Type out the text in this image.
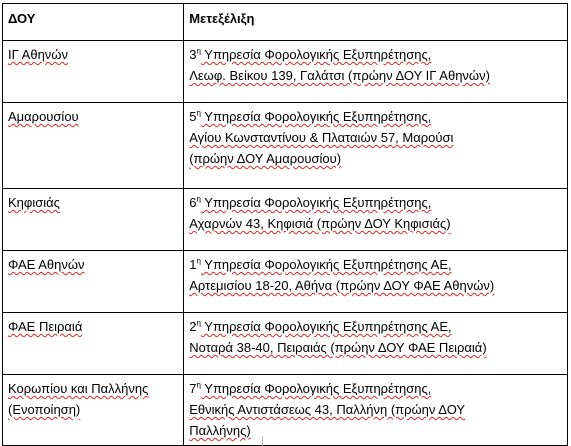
ΔΟΥ	Μετεξέλιξη
ΙΓ Αθηνών	$3^\eta$ Υπηρεσία Φορολογικής Εξυπηρέτησης,
Λεωφ. Βείκου 139, Γαλάτσι (πρώην ΔΟΥ ΙΓ Αθηνών)

Αμαρουσίου	$5^\eta$ Υπηρεσία Φορολογικής Εξυπηρέτησης,
Αγίου Κωνσταντίνου & Πλαταιών 57, Μαρούσι
(πρώην ΔΟΥ Αμαρουσίου)

Κηφισιάς	$6^\eta$ Υπηρεσία Φορολογικής Εξυπηρέτησης,
Αχαρνών 43, Κηφισιά (πρώην ΔΟΥ Κηφισιάς)

ΦΑΕ Αθηνών	$1^\eta$ Υπηρεσία Φορολογικής Εξυπηρέτησης ΑΕ,
Αρτεμισίου 18-20, Αθήνα (πρώην ΔΟΥ ΦΑΕ Αθηνών)

ΦΑΕ Πειραιά	$2^\eta$ Υπηρεσία Φορολογικής Εξυπηρέτησης ΑΕ,
Νοταρά 38-40, Πειραιάς (πρώην ΔΟΥ ΦΑΕ Πειραιά)

Κορωπίου και Παλλήνης
(Ενοποίηση)	$7^\eta$ Υπηρεσία Φορολογικής Εξυπηρέτησης,
Εθνικής Αντιστάσεως 43, Παλλήνη (πρώην ΔΟΥ
Παλλήνης)
